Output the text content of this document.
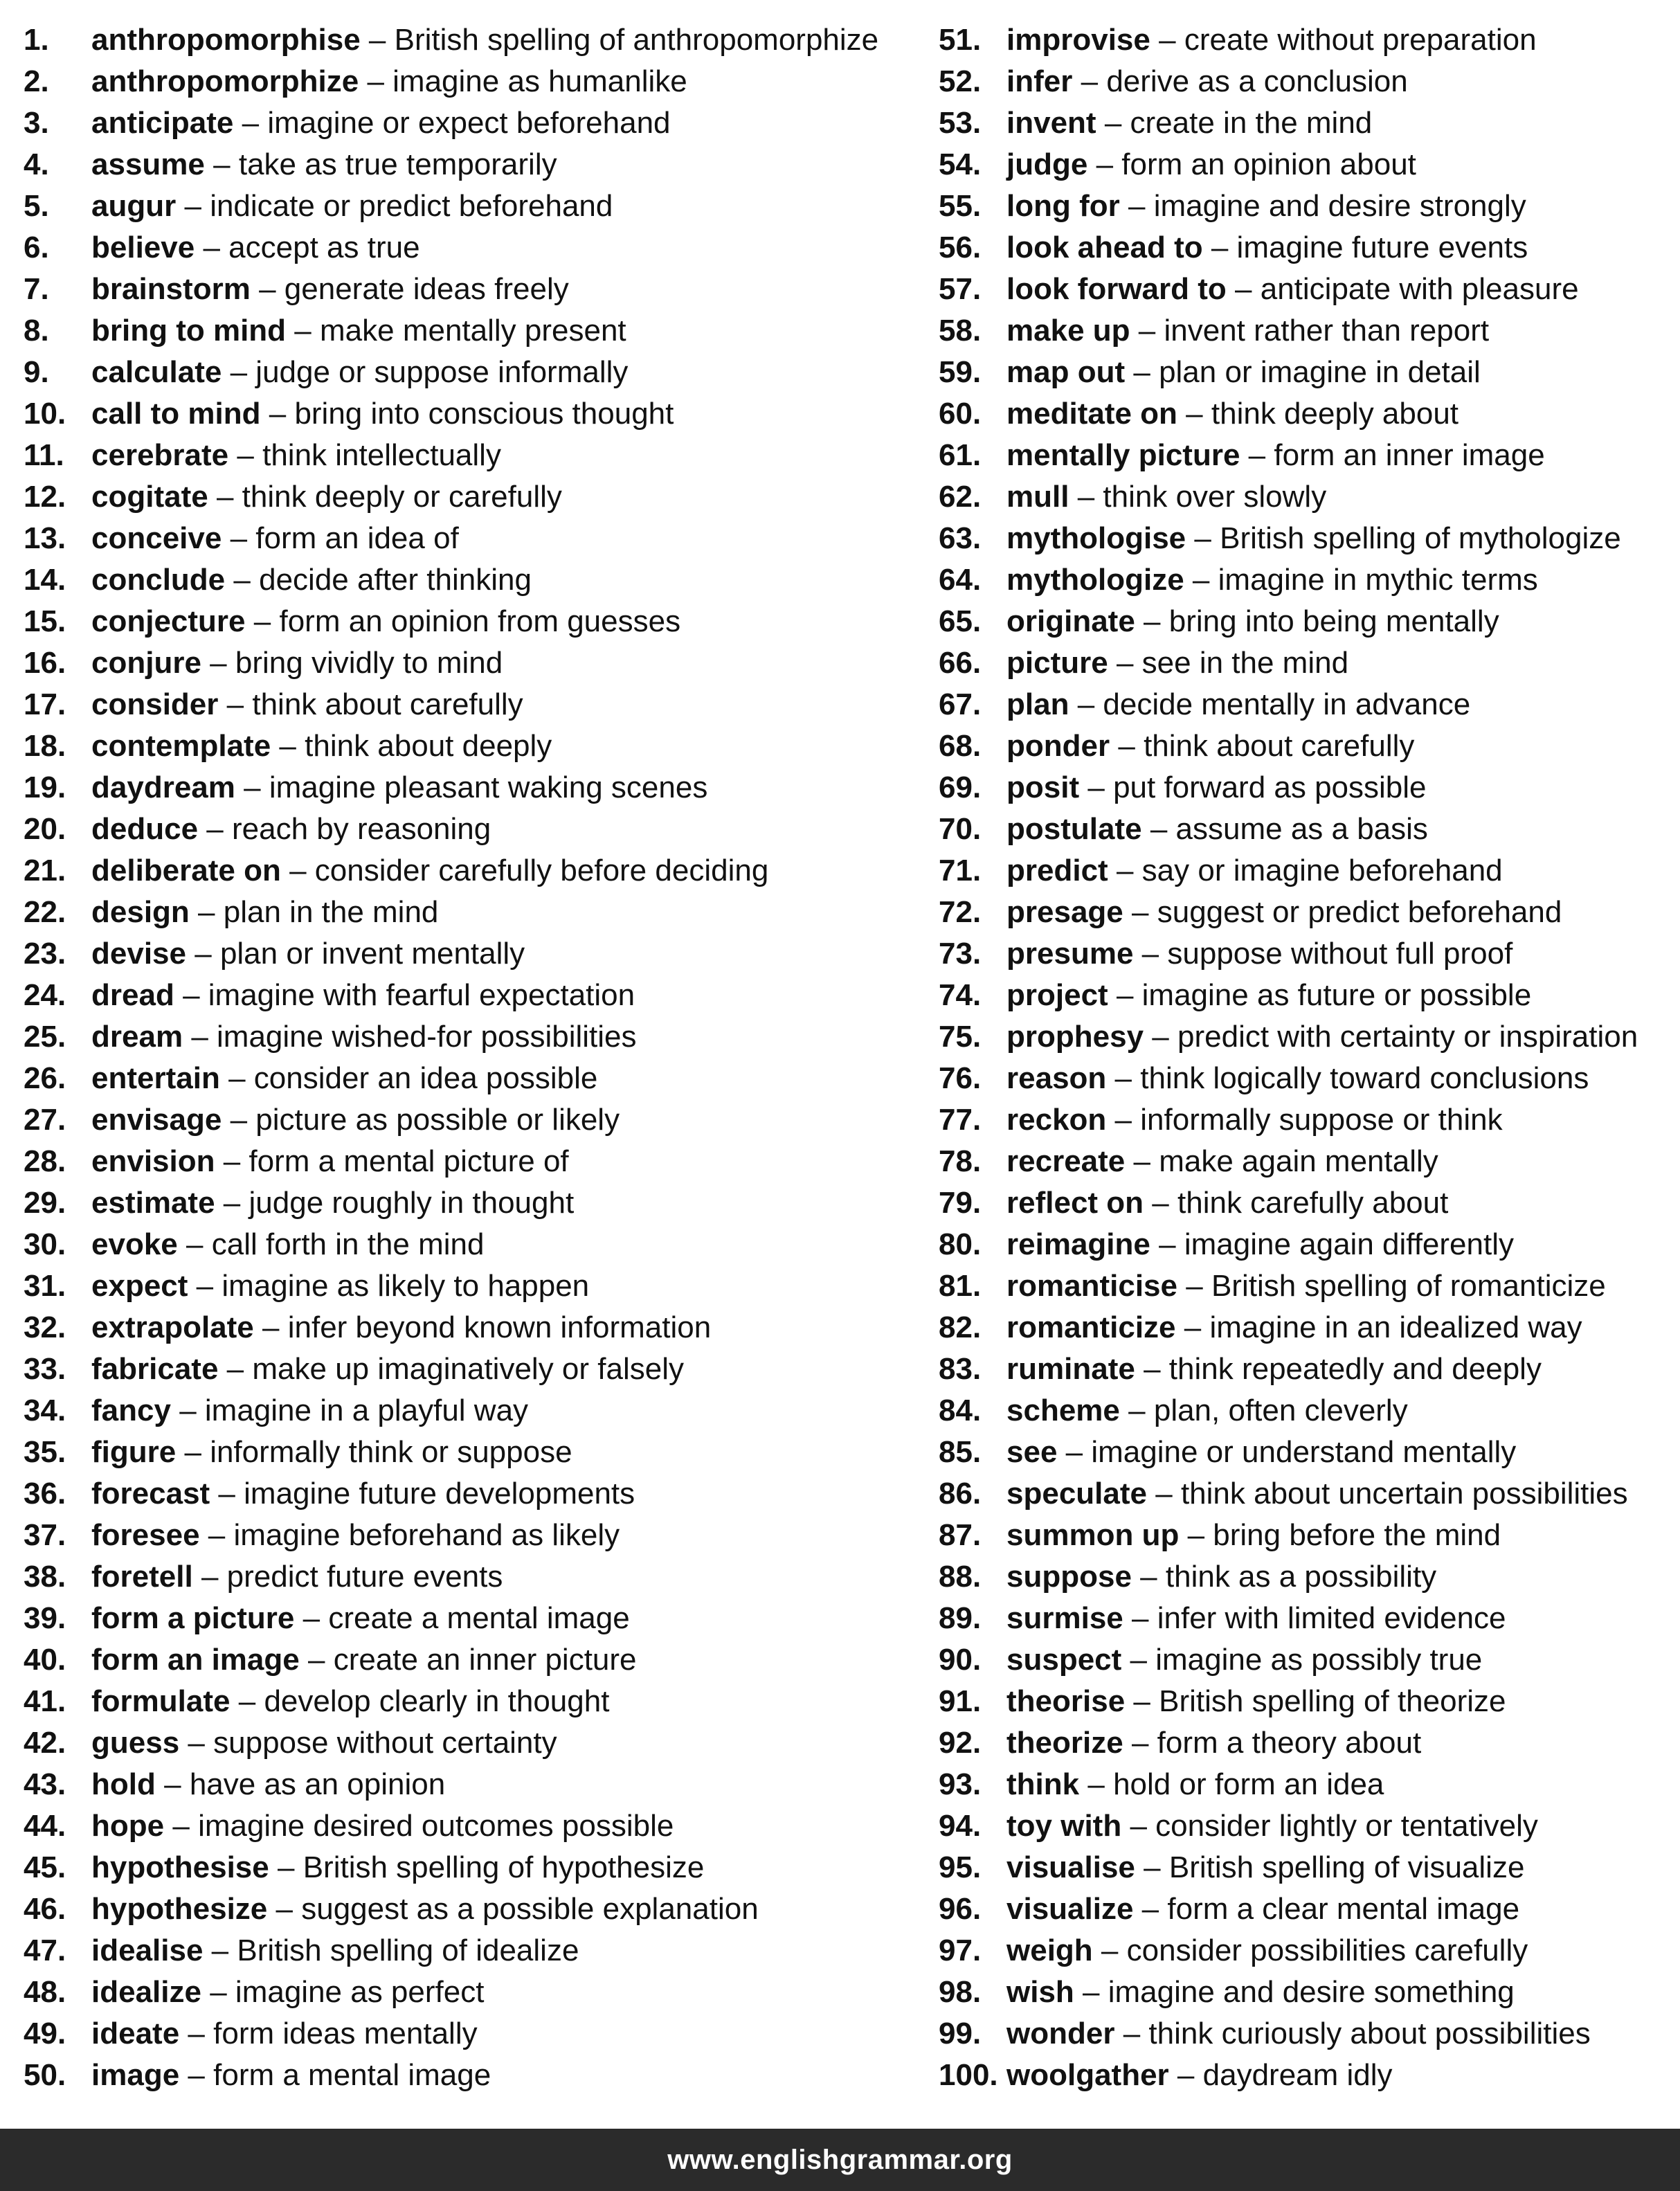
1. anthropomorphise – British spelling of anthropomorphize
2. anthropomorphize – imagine as humanlike
3. anticipate – imagine or expect beforehand
4. assume – take as true temporarily
5. augur – indicate or predict beforehand
6. believe – accept as true
7. brainstorm – generate ideas freely
8. bring to mind – make mentally present
9. calculate – judge or suppose informally
10. call to mind – bring into conscious thought
11. cerebrate – think intellectually
12. cogitate – think deeply or carefully
13. conceive – form an idea of
14. conclude – decide after thinking
15. conjecture – form an opinion from guesses
16. conjure – bring vividly to mind
17. consider – think about carefully
18. contemplate – think about deeply
19. daydream – imagine pleasant waking scenes
20. deduce – reach by reasoning
21. deliberate on – consider carefully before deciding
22. design – plan in the mind
23. devise – plan or invent mentally
24. dread – imagine with fearful expectation
25. dream – imagine wished-for possibilities
26. entertain – consider an idea possible
27. envisage – picture as possible or likely
28. envision – form a mental picture of
29. estimate – judge roughly in thought
30. evoke – call forth in the mind
31. expect – imagine as likely to happen
32. extrapolate – infer beyond known information
33. fabricate – make up imaginatively or falsely
34. fancy – imagine in a playful way
35. figure – informally think or suppose
36. forecast – imagine future developments
37. foresee – imagine beforehand as likely
38. foretell – predict future events
39. form a picture – create a mental image
40. form an image – create an inner picture
41. formulate – develop clearly in thought
42. guess – suppose without certainty
43. hold – have as an opinion
44. hope – imagine desired outcomes possible
45. hypothesise – British spelling of hypothesize
46. hypothesize – suggest as a possible explanation
47. idealise – British spelling of idealize
48. idealize – imagine as perfect
49. ideate – form ideas mentally
50. image – form a mental image
51. improvise – create without preparation
52. infer – derive as a conclusion
53. invent – create in the mind
54. judge – form an opinion about
55. long for – imagine and desire strongly
56. look ahead to – imagine future events
57. look forward to – anticipate with pleasure
58. make up – invent rather than report
59. map out – plan or imagine in detail
60. meditate on – think deeply about
61. mentally picture – form an inner image
62. mull – think over slowly
63. mythologise – British spelling of mythologize
64. mythologize – imagine in mythic terms
65. originate – bring into being mentally
66. picture – see in the mind
67. plan – decide mentally in advance
68. ponder – think about carefully
69. posit – put forward as possible
70. postulate – assume as a basis
71. predict – say or imagine beforehand
72. presage – suggest or predict beforehand
73. presume – suppose without full proof
74. project – imagine as future or possible
75. prophesy – predict with certainty or inspiration
76. reason – think logically toward conclusions
77. reckon – informally suppose or think
78. recreate – make again mentally
79. reflect on – think carefully about
80. reimagine – imagine again differently
81. romanticise – British spelling of romanticize
82. romanticize – imagine in an idealized way
83. ruminate – think repeatedly and deeply
84. scheme – plan, often cleverly
85. see – imagine or understand mentally
86. speculate – think about uncertain possibilities
87. summon up – bring before the mind
88. suppose – think as a possibility
89. surmise – infer with limited evidence
90. suspect – imagine as possibly true
91. theorise – British spelling of theorize
92. theorize – form a theory about
93. think – hold or form an idea
94. toy with – consider lightly or tentatively
95. visualise – British spelling of visualize
96. visualize – form a clear mental image
97. weigh – consider possibilities carefully
98. wish – imagine and desire something
99. wonder – think curiously about possibilities
100. woolgather – daydream idly
www.englishgrammar.org
